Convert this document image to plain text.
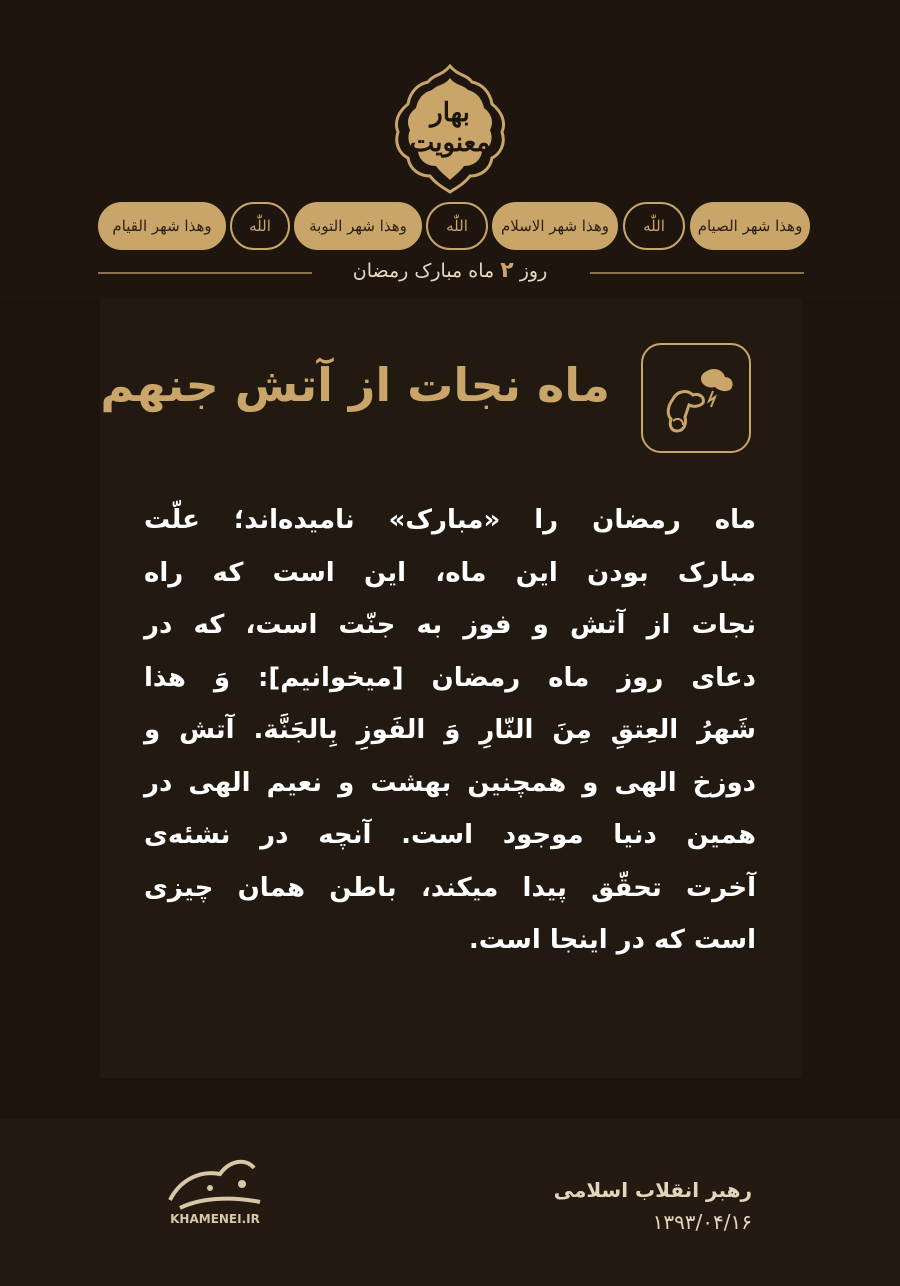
بهار معنویت
وهذا شهر الصیام
اللّٰه
وهذا شهر الاسلام
اللّٰه
وهذا شهر التوبة
اللّٰه
وهذا شهر القیام
روز ۲ ماه مبارک رمضان
ماه نجات از آتش جنهم
ماه رمضان را «مبارک» نامیده‌اند؛ علّت
مبارک بودن این ماه، این است که راه
نجات از آتش و فوز به جنّت است، که در
دعای روز ماه رمضان [میخوانیم]: وَ هذا
شَهرُ العِتقِ مِنَ النّارِ وَ الفَوزِ بِالجَنَّة. آتش و
دوزخ الهی و همچنین بهشت و نعیم الهی در
همین دنیا موجود است. آنچه در نشئه‌ی
آخرت تحقّق پیدا میکند، باطن همان چیزی
است که در اینجا است.
KHAMENEI.IR
رهبر انقلاب اسلامی
۱۳۹۳/۰۴/۱۶
